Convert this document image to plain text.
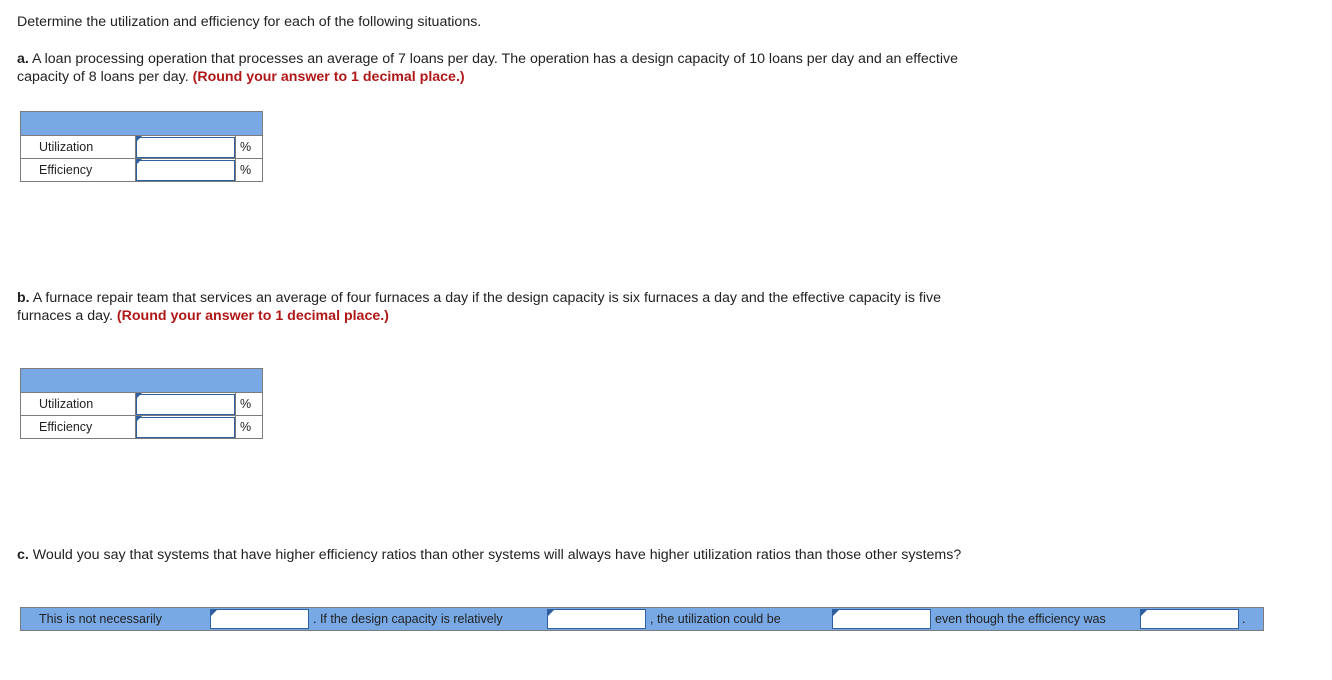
Determine the utilization and efficiency for each of the following situations.
a. A loan processing operation that processes an average of 7 loans per day. The operation has a design capacity of 10 loans per day and an effective capacity of 8 loans per day. (Round your answer to 1 decimal place.)

Utilization		%
Efficiency		%
b. A furnace repair team that services an average of four furnaces a day if the design capacity is six furnaces a day and the effective capacity is five furnaces a day. (Round your answer to 1 decimal place.)

Utilization		%
Efficiency		%
c. Would you say that systems that have higher efficiency ratios than other systems will always have higher utilization ratios than those other systems?
This is not necessarily	. If the design capacity is relatively	, the utilization could be	even though the efficiency was	.
